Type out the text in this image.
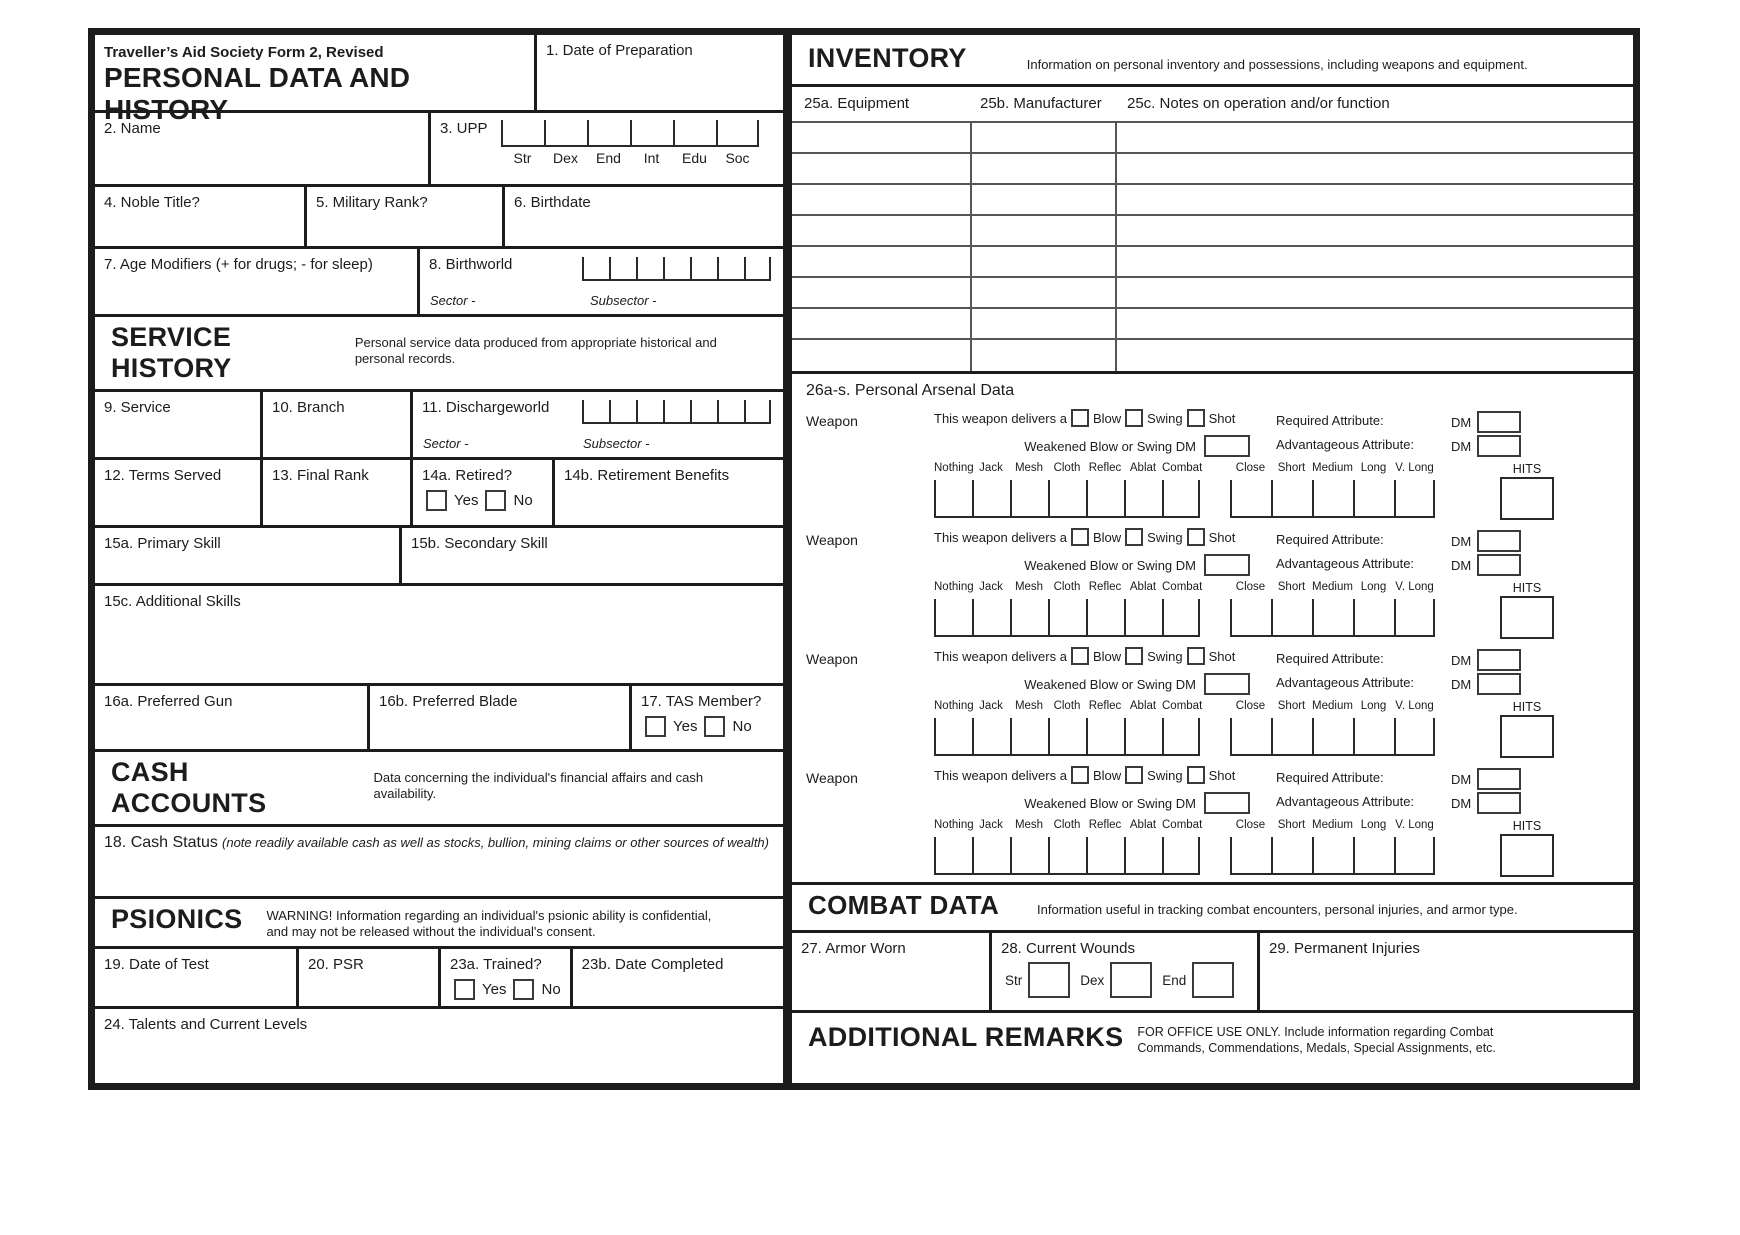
Traveller’s Aid Society Form 2, Revised
PERSONAL DATA AND HISTORY
1. Date of Preparation
2. Name	3. UPP
Str	Dex	End	Int	Edu	Soc
4. Noble Title?	5. Military Rank?	6. Birthdate
7. Age Modifiers (+ for drugs; - for sleep)	8. Birthworld
Sector -	Subsector -
SERVICE HISTORY
Personal service data produced from appropriate historical and personal records.
9. Service	10. Branch	11. Dischargeworld
Sector -	Subsector -
12. Terms Served	13. Final Rank	14a. Retired?
Yes No
14b. Retirement Benefits
15a. Primary Skill	15b. Secondary Skill
15c. Additional Skills
16a. Preferred Gun	16b. Preferred Blade	17. TAS Member?
Yes No
CASH ACCOUNTS
Data concerning the individual's financial affairs and cash availability.
18. Cash Status (note readily available cash as well as stocks, bullion, mining claims or other sources of wealth)
PSIONICS WARNING! Information regarding an individual's psionic ability is confidential, and may not be released without the individual's consent.
19. Date of Test	20. PSR	23a. Trained?
Yes No
23b. Date Completed
24. Talents and Current Levels
INVENTORY	Information on personal inventory and possessions, including weapons and equipment.
25a. Equipment	25b. Manufacturer	25c. Notes on operation and/or function
26a-s. Personal Arsenal Data
Weapon	This weapon delivers a Blow Swing Shot	Required Attribute:	DM
Weakened Blow or Swing DM	Advantageous Attribute:	DM
Nothing Jack	Mesh Cloth Reflec Ablat Combat	Close	Short Medium Long V. Long	HITS
Weapon	This weapon delivers a Blow Swing Shot	Required Attribute:	DM
Weakened Blow or Swing DM	Advantageous Attribute:	DM
Nothing Jack	Mesh Cloth Reflec Ablat Combat	Close	Short Medium Long V. Long	HITS
Weapon	This weapon delivers a Blow Swing Shot	Required Attribute:	DM
Weakened Blow or Swing DM	Advantageous Attribute:	DM
Nothing Jack	Mesh Cloth Reflec Ablat Combat	Close	Short Medium Long V. Long	HITS
Weapon	This weapon delivers a Blow Swing Shot	Required Attribute:	DM
Weakened Blow or Swing DM	Advantageous Attribute:	DM
Nothing Jack	Mesh Cloth Reflec Ablat Combat	Close	Short Medium Long V. Long	HITS
COMBAT DATA	Information useful in tracking combat encounters, personal injuries, and armor type.
27. Armor Worn	28. Current Wounds
Str	Dex	End
29. Permanent Injuries
ADDITIONAL REMARKS FOR OFFICE USE ONLY. Include information regarding Combat Commands, Commendations, Medals, Special Assignments, etc.
